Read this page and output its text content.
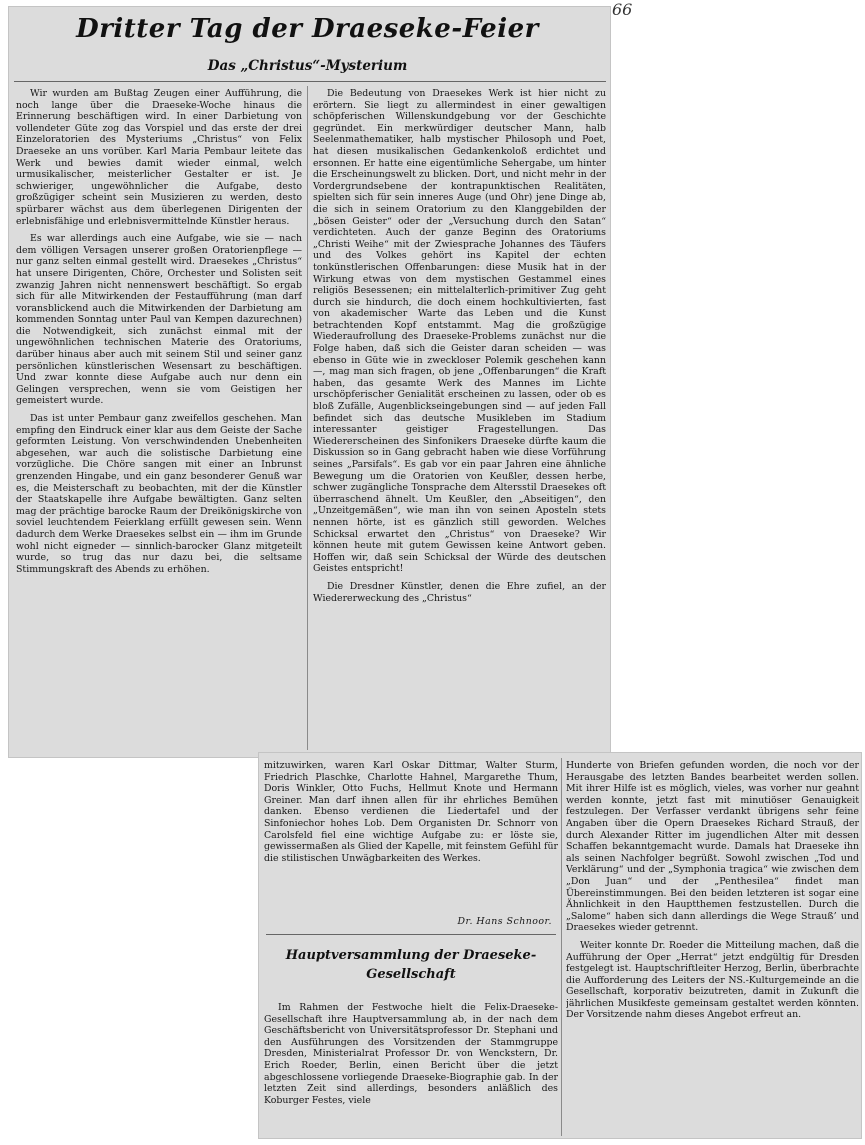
66
Dritter Tag der Draeseke-Feier
Das „Christus“-Mysterium

Wir wurden am Bußtag Zeugen einer Aufführung, die noch lange über die Draeseke-Woche hinaus die Erinnerung beschäftigen wird. In einer Darbietung von vollendeter Güte zog das Vorspiel und das erste der drei Einzeloratorien des Mysteriums „Christus“ von Felix Draeseke an uns vorüber. Karl Maria Pembaur leitete das Werk und bewies damit wieder einmal, welch urmusikalischer, meisterlicher Gestalter er ist. Je schwieriger, ungewöhnlicher die Aufgabe, desto großzügiger scheint sein Musizieren zu werden, desto spürbarer wächst aus dem überlegenen Dirigenten der erlebnisfähige und erlebnisvermittelnde Künstler heraus.

Es war allerdings auch eine Aufgabe, wie sie — nach dem völligen Versagen unserer großen Oratorienpflege — nur ganz selten einmal gestellt wird. Draesekes „Christus“ hat unsere Dirigenten, Chöre, Orchester und Solisten seit zwanzig Jahren nicht nennenswert beschäftigt. So ergab sich für alle Mitwirkenden der Festaufführung (man darf voransblickend auch die Mitwirkenden der Darbietung am kommenden Sonntag unter Paul van Kempen dazurechnen) die Notwendigkeit, sich zunächst einmal mit der ungewöhnlichen technischen Materie des Oratoriums, darüber hinaus aber auch mit seinem Stil und seiner ganz persönlichen künstlerischen Wesensart zu beschäftigen. Und zwar konnte diese Aufgabe auch nur denn ein Gelingen versprechen, wenn sie vom Geistigen her gemeistert wurde.

Das ist unter Pembaur ganz zweifellos geschehen. Man empfing den Eindruck einer klar aus dem Geiste der Sache geformten Leistung. Von verschwindenden Unebenheiten abgesehen, war auch die solistische Darbietung eine vorzügliche. Die Chöre sangen mit einer an Inbrunst grenzenden Hingabe, und ein ganz besonderer Genuß war es, die Meisterschaft zu beobachten, mit der die Künstler der Staatskapelle ihre Aufgabe bewältigten. Ganz selten mag der prächtige barocke Raum der Dreikönigskirche von soviel leuchtendem Feierklang erfüllt gewesen sein. Wenn dadurch dem Werke Draesekes selbst ein — ihm im Grunde wohl nicht eigneder — sinnlich-barocker Glanz mitgeteilt wurde, so trug das nur dazu bei, die seltsame Stimmungskraft des Abends zu erhöhen.

Die Bedeutung von Draesekes Werk ist hier nicht zu erörtern. Sie liegt zu allermindest in einer gewaltigen schöpferischen Willenskundgebung vor der Geschichte gegründet. Ein merkwürdiger deutscher Mann, halb Seelenmathematiker, halb mystischer Philosoph und Poet, hat diesen musikalischen Gedankenkoloß erdichtet und ersonnen. Er hatte eine eigentümliche Sehergabe, um hinter die Erscheinungswelt zu blicken. Dort, und nicht mehr in der Vordergrundsebene der kontrapunktischen Realitäten, spielten sich für sein inneres Auge (und Ohr) jene Dinge ab, die sich in seinem Oratorium zu den Klanggebilden der „bösen Geister“ oder der „Versuchung durch den Satan“ verdichteten. Auch der ganze Beginn des Oratoriums „Christi Weihe“ mit der Zwiesprache Johannes des Täufers und des Volkes gehört ins Kapitel der echten tonkünstlerischen Offenbarungen: diese Musik hat in der Wirkung etwas von dem mystischen Gestammel eines religiös Besessenen; ein mittelalterlich-primitiver Zug geht durch sie hindurch, die doch einem hochkultivierten, fast von akademischer Warte das Leben und die Kunst betrachtenden Kopf entstammt. Mag die großzügige Wiederaufrollung des Draeseke-Problems zunächst nur die Folge haben, daß sich die Geister daran scheiden — was ebenso in Güte wie in zweckloser Polemik geschehen kann —, mag man sich fragen, ob jene „Offenbarungen“ die Kraft haben, das gesamte Werk des Mannes im Lichte urschöpferischer Genialität erscheinen zu lassen, oder ob es bloß Zufälle, Augenblickseingebungen sind — auf jeden Fall befindet sich das deutsche Musikleben im Stadium interessanter geistiger Fragestellungen. Das Wiedererscheinen des Sinfonikers Draeseke dürfte kaum die Diskussion so in Gang gebracht haben wie diese Vorführung seines „Parsifals“. Es gab vor ein paar Jahren eine ähnliche Bewegung um die Oratorien von Keußler, dessen herbe, schwer zugängliche Tonsprache dem Altersstil Draesekes oft überraschend ähnelt. Um Keußler, den „Abseitigen“, den „Unzeitgemäßen“, wie man ihn von seinen Aposteln stets nennen hörte, ist es gänzlich still geworden. Welches Schicksal erwartet den „Christus“ von Draeseke? Wir können heute mit gutem Gewissen keine Antwort geben. Hoffen wir, daß sein Schicksal der Würde des deutschen Geistes entspricht!

Die Dresdner Künstler, denen die Ehre zufiel, an der Wiedererweckung des „Christus“

mitzuwirken, waren Karl Oskar Dittmar, Walter Sturm, Friedrich Plaschke, Charlotte Hahnel, Margarethe Thum, Doris Winkler, Otto Fuchs, Hellmut Knote und Hermann Greiner. Man darf ihnen allen für ihr ehrliches Bemühen danken. Ebenso verdienen die Liedertafel und der Sinfoniechor hohes Lob. Dem Organisten Dr. Schnorr von Carolsfeld fiel eine wichtige Aufgabe zu: er löste sie, gewissermaßen als Glied der Kapelle, mit feinstem Gefühl für die stilistischen Unwägbarkeiten des Werkes.

Dr. Hans Schnoor.
Hauptversammlung der Draeseke-Gesellschaft

Im Rahmen der Festwoche hielt die Felix-Draeseke-Gesellschaft ihre Hauptversammlung ab, in der nach dem Geschäftsbericht von Universitätsprofessor Dr. Stephani und den Ausführungen des Vorsitzenden der Stammgruppe Dresden, Ministerialrat Professor Dr. von Wenckstern, Dr. Erich Roeder, Berlin, einen Bericht über die jetzt abgeschlossene vorliegende Draeseke-Biographie gab. In der letzten Zeit sind allerdings, besonders anläßlich des Koburger Festes, viele

Hunderte von Briefen gefunden worden, die noch vor der Herausgabe des letzten Bandes bearbeitet werden sollen. Mit ihrer Hilfe ist es möglich, vieles, was vorher nur geahnt werden konnte, jetzt fast mit minutiöser Genauigkeit festzulegen. Der Verfasser verdankt übrigens sehr feine Angaben über die Opern Draesekes Richard Strauß, der durch Alexander Ritter im jugendlichen Alter mit dessen Schaffen bekanntgemacht wurde. Damals hat Draeseke ihn als seinen Nachfolger begrüßt. Sowohl zwischen „Tod und Verklärung“ und der „Symphonia tragica“ wie zwischen dem „Don Juan“ und der „Penthesilea“ findet man Übereinstimmungen. Bei den beiden letzteren ist sogar eine Ähnlichkeit in den Hauptthemen festzustellen. Durch die „Salome“ haben sich dann allerdings die Wege Strauß’ und Draesekes wieder getrennt.

Weiter konnte Dr. Roeder die Mitteilung machen, daß die Aufführung der Oper „Herrat“ jetzt endgültig für Dresden festgelegt ist. Hauptschriftleiter Herzog, Berlin, überbrachte die Aufforderung des Leiters der NS.-Kulturgemeinde an die Gesellschaft, korporativ beizutreten, damit in Zukunft die jährlichen Musikfeste gemeinsam gestaltet werden könnten. Der Vorsitzende nahm dieses Angebot erfreut an.
